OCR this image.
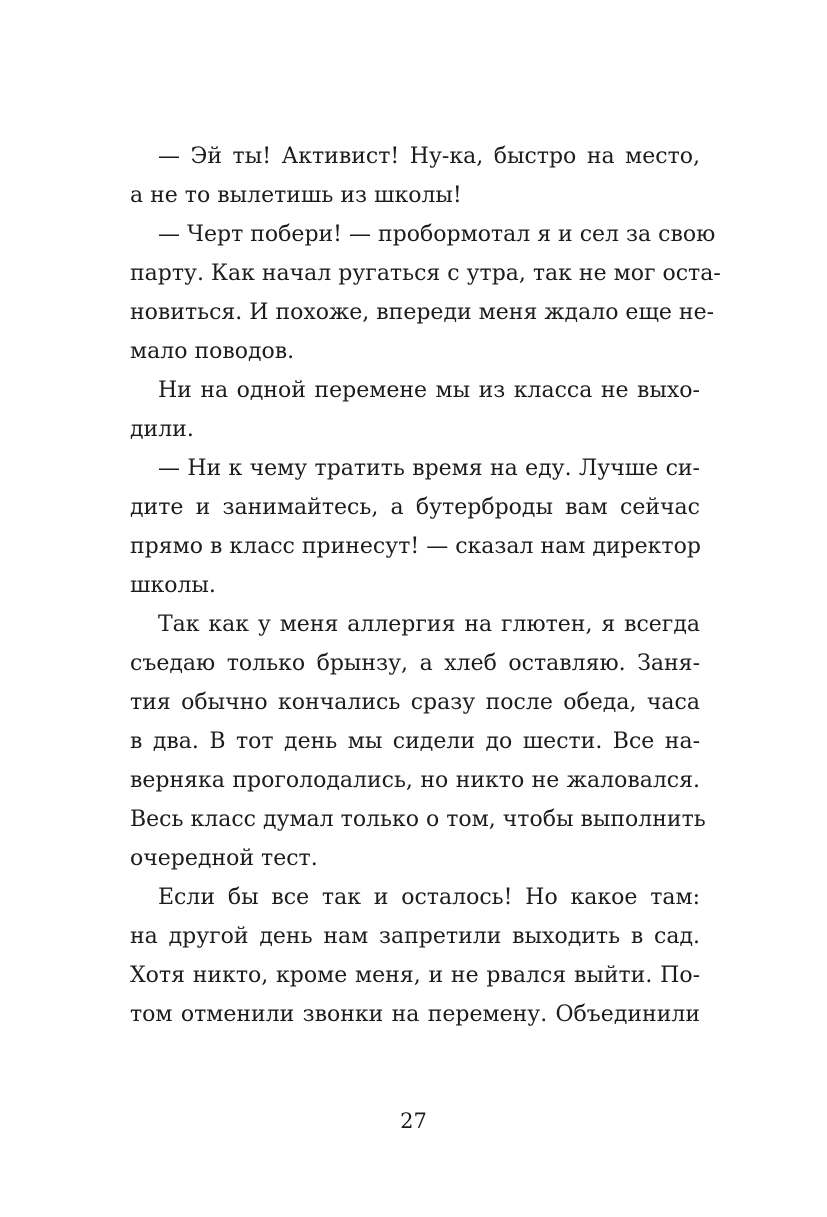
— Эй ты! Активист! Ну-ка, быстро на место,
а не то вылетишь из школы!
— Черт побери! — пробормотал я и сел за свою
парту. Как начал ругаться с утра, так не мог оста-
новиться. И похоже, впереди меня ждало еще не-
мало поводов.
Ни на одной перемене мы из класса не выхо-
дили.
— Ни к чему тратить время на еду. Лучше си-
дите и занимайтесь, а бутерброды вам сейчас
прямо в класс принесут! — сказал нам директор
школы.
Так как у меня аллергия на глютен, я всегда
съедаю только брынзу, а хлеб оставляю. Заня-
тия обычно кончались сразу после обеда, часа
в два. В тот день мы сидели до шести. Все на-
верняка проголодались, но никто не жаловался.
Весь класс думал только о том, чтобы выполнить
очередной тест.
Если бы все так и осталось! Но какое там:
на другой день нам запретили выходить в сад.
Хотя никто, кроме меня, и не рвался выйти. По-
том отменили звонки на перемену. Объединили
27
